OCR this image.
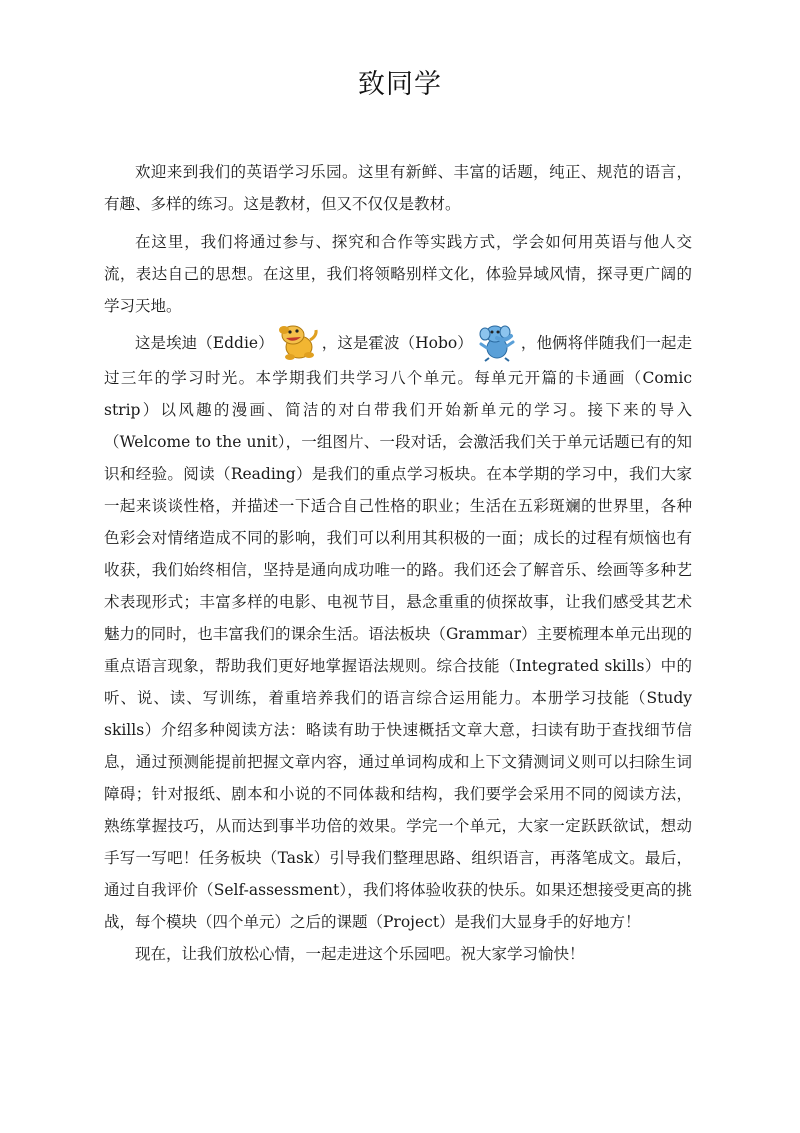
致同学

欢迎来到我们的英语学习乐园。这里有新鲜、丰富的话题，纯正、规范的语言，有趣、多样的练习。这是教材，但又不仅仅是教材。

在这里，我们将通过参与、探究和合作等实践方式，学会如何用英语与他人交流，表达自己的思想。在这里，我们将领略别样文化，体验异域风情，探寻更广阔的学习天地。

这是埃迪（Eddie）	，这是霍波（Hobo）	，他俩将伴随我们一起走过三年的学习时光。本学期我们共学习八个单元。每单元开篇的卡通画（Comic strip）以风趣的漫画、简洁的对白带我们开始新单元的学习。接下来的导入（Welcome to the unit），一组图片、一段对话，会激活我们关于单元话题已有的知识和经验。阅读（Reading）是我们的重点学习板块。在本学期的学习中，我们大家一起来谈谈性格，并描述一下适合自己性格的职业；生活在五彩斑斓的世界里，各种色彩会对情绪造成不同的影响，我们可以利用其积极的一面；成长的过程有烦恼也有收获，我们始终相信，坚持是通向成功唯一的路。我们还会了解音乐、绘画等多种艺术表现形式；丰富多样的电影、电视节目，悬念重重的侦探故事，让我们感受其艺术魅力的同时，也丰富我们的课余生活。语法板块（Grammar）主要梳理本单元出现的重点语言现象，帮助我们更好地掌握语法规则。综合技能（Integrated skills）中的听、说、读、写训练，着重培养我们的语言综合运用能力。本册学习技能（Study skills）介绍多种阅读方法：略读有助于快速概括文章大意，扫读有助于查找细节信息，通过预测能提前把握文章内容，通过单词构成和上下文猜测词义则可以扫除生词障碍；针对报纸、剧本和小说的不同体裁和结构，我们要学会采用不同的阅读方法，熟练掌握技巧，从而达到事半功倍的效果。学完一个单元，大家一定跃跃欲试，想动手写一写吧！任务板块（Task）引导我们整理思路、组织语言，再落笔成文。最后，通过自我评价（Self-assessment），我们将体验收获的快乐。如果还想接受更高的挑战，每个模块（四个单元）之后的课题（Project）是我们大显身手的好地方！

现在，让我们放松心情，一起走进这个乐园吧。祝大家学习愉快！
